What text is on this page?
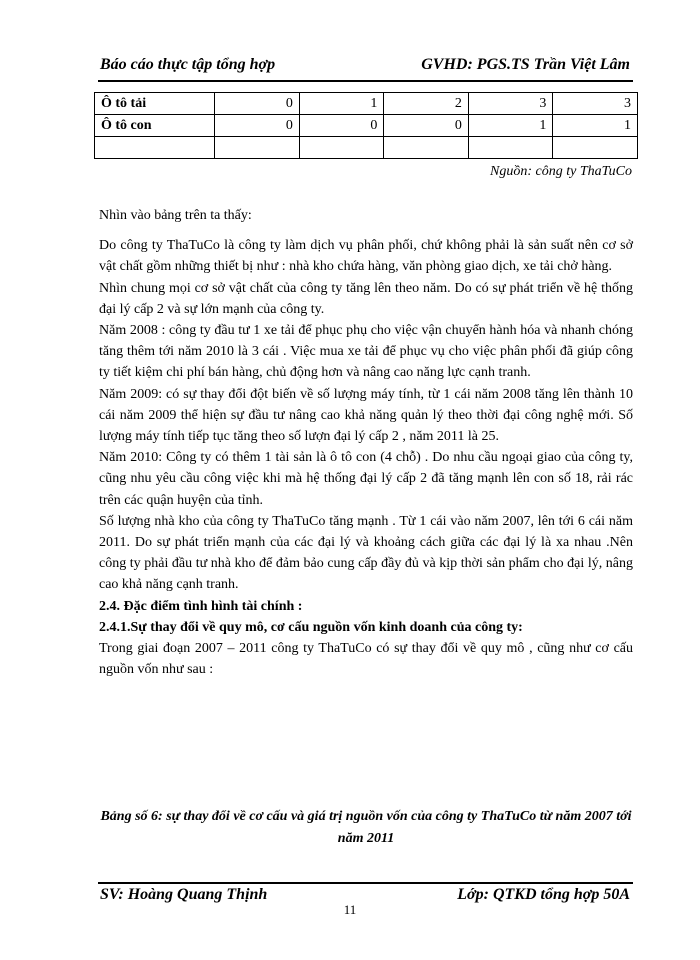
Báo cáo thực tập tổng hợp	GVHD: PGS.TS Trần Việt Lâm
Ô tô tải	0	1	2	3	3
Ô tô con	0	0	0	1	1

Nguồn: công ty ThaTuCo

Nhìn vào bảng trên ta thấy:

Do công ty ThaTuCo là công ty làm dịch vụ phân phối, chứ không phải là sản suất nên cơ sở vật chất gồm những thiết bị như : nhà kho chứa hàng, văn phòng giao dịch, xe tải chở hàng.

Nhìn chung mọi cơ sở vật chất của công ty tăng lên theo năm. Do có sự phát triển về hệ thống đại lý cấp 2 và sự lớn mạnh của công ty.

Năm 2008 : công ty đầu tư 1 xe tải để phục phụ cho việc vận chuyển hành hóa và nhanh chóng tăng thêm tới năm 2010 là 3 cái . Việc mua xe tải để phục vụ cho việc phân phối đã giúp công ty tiết kiệm chi phí bán hàng, chủ động hơn và nâng cao năng lực cạnh tranh.

Năm 2009: có sự thay đổi đột biến về số lượng máy tính, từ 1 cái năm 2008 tăng lên thành 10 cái năm 2009 thể hiện sự đầu tư nâng cao khả năng quản lý theo thời đại công nghệ mới. Số lượng máy tính tiếp tục tăng theo số lượn đại lý cấp 2 , năm 2011 là 25.

Năm 2010: Công ty có thêm 1 tài sản là ô tô con (4 chỗ) . Do nhu cầu ngoại giao của công ty, cũng nhu yêu cầu công việc khi mà hệ thống đại lý cấp 2 đã tăng mạnh lên con số 18, rải rác trên các quận huyện của tỉnh.

Số lượng nhà kho của công ty ThaTuCo tăng mạnh . Từ 1 cái vào năm 2007, lên tới 6 cái năm 2011. Do sự phát triển mạnh của các đại lý và khoảng cách giữa các đại lý là xa nhau .Nên công ty phải đầu tư nhà kho để đảm bảo cung cấp đầy đủ và kịp thời sản phẩm cho đại lý, nâng cao khả năng cạnh tranh.

2.4. Đặc điểm tình hình tài chính :

2.4.1.Sự thay đổi về quy mô, cơ cấu nguồn vốn kinh doanh của công ty:

Trong giai đoạn 2007 – 2011 công ty ThaTuCo có sự thay đổi về quy mô , cũng như cơ cấu nguồn vốn như sau :

Bảng số 6: sự thay đổi về cơ cấu và giá trị nguồn vốn của công ty ThaTuCo từ năm 2007 tới năm 2011
SV: Hoàng Quang Thịnh	Lớp: QTKD tổng hợp 50A
11
